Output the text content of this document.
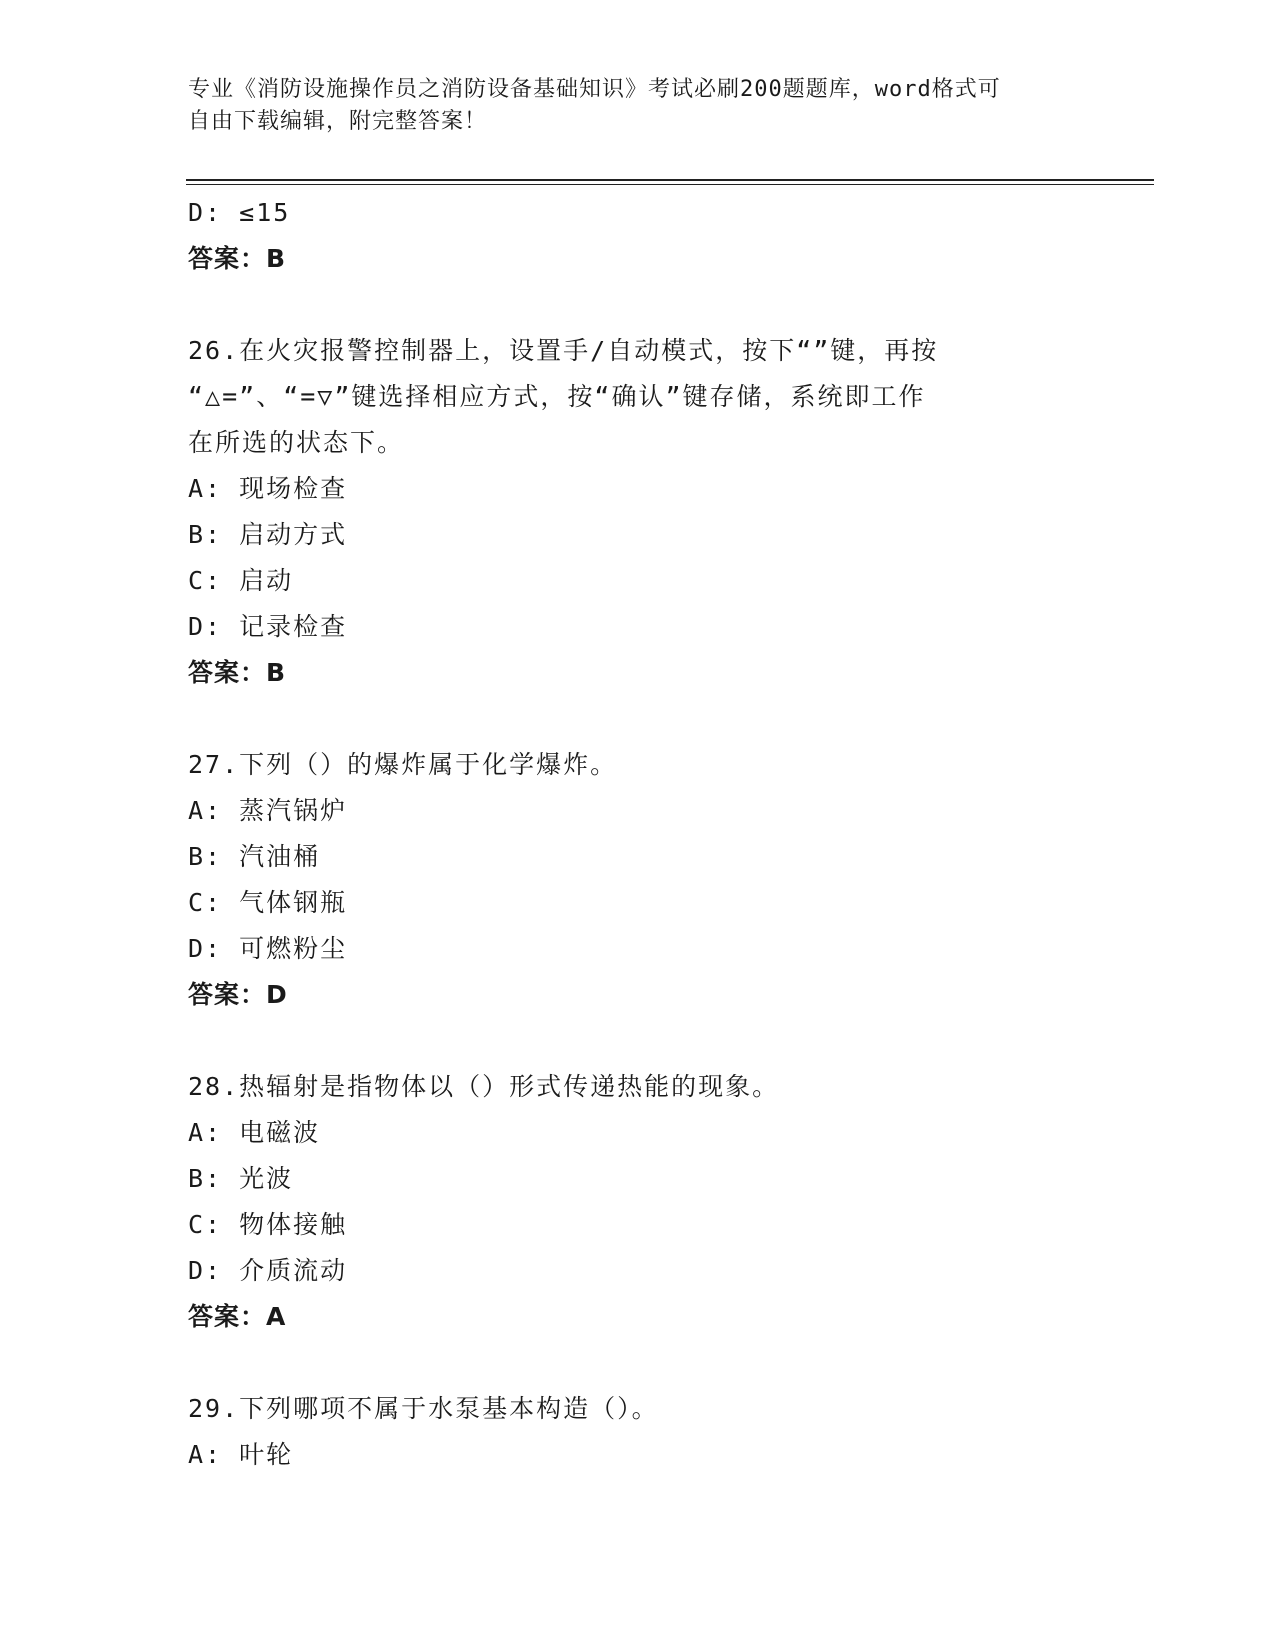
专业《消防设施操作员之消防设备基础知识》考试必刷200题题库，word格式可
自由下载编辑，附完整答案！
D: ≤15
答案：B
26.在火灾报警控制器上，设置手/自动模式，按下“”键，再按
“△=”、“=▽”键选择相应方式，按“确认”键存储，系统即工作
在所选的状态下。
A: 现场检查
B: 启动方式
C: 启动
D: 记录检查
答案：B
27.下列（）的爆炸属于化学爆炸。
A: 蒸汽锅炉
B: 汽油桶
C: 气体钢瓶
D: 可燃粉尘
答案：D
28.热辐射是指物体以（）形式传递热能的现象。
A: 电磁波
B: 光波
C: 物体接触
D: 介质流动
答案：A
29.下列哪项不属于水泵基本构造（）。
A: 叶轮
